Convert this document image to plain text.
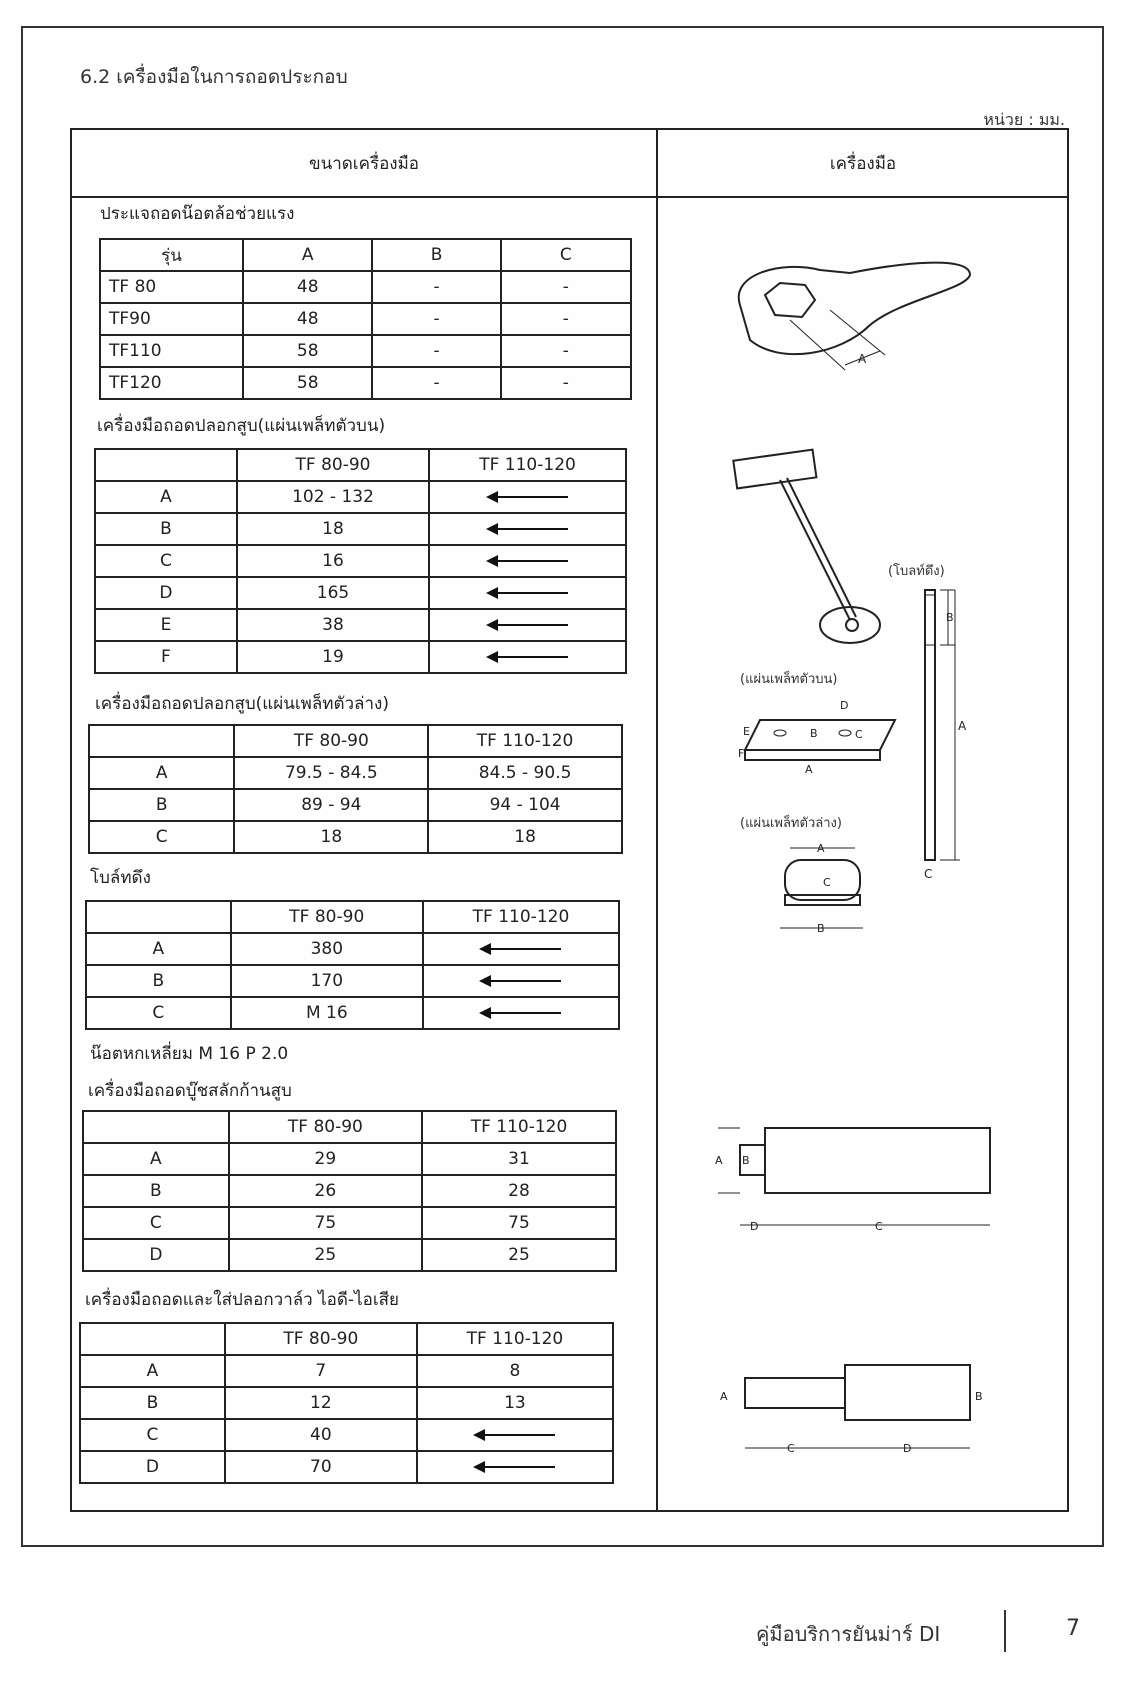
6.2 เครื่องมือในการถอดประกอบ
หน่วย : มม.
ขนาดเครื่องมือ	เครื่องมือ
ประแจถอดน๊อตล้อช่วยแรง
รุ่น	A	B	C
TF 80	48	-	-
TF90	48	-	-
TF110	58	-	-
TF120	58	-	-
เครื่องมือถอดปลอกสูบ(แผ่นเพล็ทตัวบน)
	TF 80-90	TF 110-120
A	102 - 132	
B	18	
C	16	
D	165	
E	38	
F	19	
เครื่องมือถอดปลอกสูบ(แผ่นเพล็ทตัวล่าง)
	TF 80-90	TF 110-120
A	79.5 - 84.5	84.5 - 90.5
B	89 - 94	94 - 104
C	18	18
โบล์ทดึง
	TF 80-90	TF 110-120
A	380	
B	170	
C	M 16	
น๊อตหกเหลี่ยม M 16 P 2.0
เครื่องมือถอดบู๊ชสลักก้านสูบ
	TF 80-90	TF 110-120
A	29	31
B	26	28
C	75	75
D	25	25
เครื่องมือถอดและใส่ปลอกวาล์ว ไอดี-ไอเสีย
	TF 80-90	TF 110-120
A	7	8
B	12	13
C	40	
D	70	
A
(โบลท์ดึง)
B
A
C
(แผ่นเพล็ทตัวบน)
B	C
D
E
F
A
(แผ่นเพล็ทตัวล่าง)
A
C
B
A B
D	C
A	B
C	D
คู่มือบริการยันม่าร์ DI	7
